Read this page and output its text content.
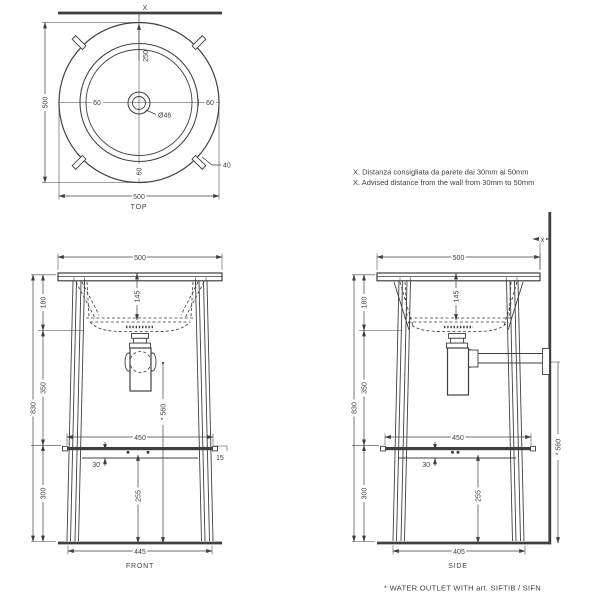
X
500
500
250
60	60
60
Ø46
40
TOP
500
180
350
300
830
145
* 560
450
30
15
255
445
FRONT
x
500
180
350
300
830
145
* 560
450
30
255
405
SIDE
X. Distanza consigliata da parete dai 30mm ai 50mm
X. Advised distance from the wall from 30mm to 50mm
* WATER OUTLET WITH art. SIFTIB / SIFN
